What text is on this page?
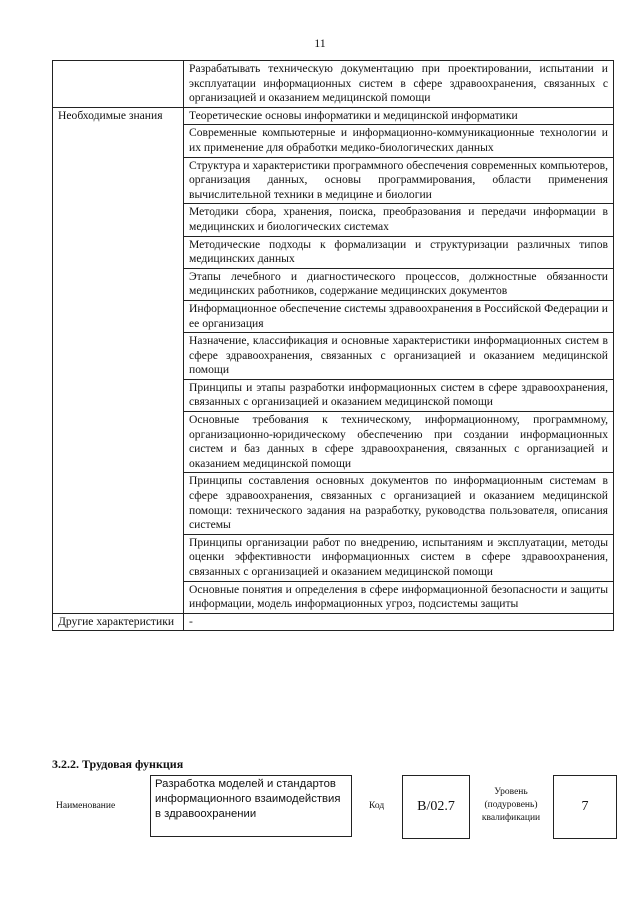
11
	Разрабатывать техническую документацию при проектировании, испытании и эксплуатации информационных систем в сфере здравоохранения, связанных с организацией и оказанием медицинской помощи
Необходимые знания	Теоретические основы информатики и медицинской информатики
	Современные компьютерные и информационно-коммуникационные технологии и их применение для обработки медико-биологических данных
	Структура и характеристики программного обеспечения современных компьютеров, организация данных, основы программирования, области применения вычислительной техники в медицине и биологии
	Методики сбора, хранения, поиска, преобразования и передачи информации в медицинских и биологических системах
	Методические подходы к формализации и структуризации различных типов медицинских данных
	Этапы лечебного и диагностического процессов, должностные обязанности медицинских работников, содержание медицинских документов
	Информационное обеспечение системы здравоохранения в Российской Федерации и ее организация
	Назначение, классификация и основные характеристики информационных систем в сфере здравоохранения, связанных с организацией и оказанием медицинской помощи
	Принципы и этапы разработки информационных систем в сфере здравоохранения, связанных с организацией и оказанием медицинской помощи
	Основные требования к техническому, информационному, программному, организационно-юридическому обеспечению при создании информационных систем и баз данных в сфере здравоохранения, связанных с организацией и оказанием медицинской помощи
	Принципы составления основных документов по информационным системам в сфере здравоохранения, связанных с организацией и оказанием медицинской помощи: технического задания на разработку, руководства пользователя, описания системы
	Принципы организации работ по внедрению, испытаниям и эксплуатации, методы оценки эффективности информационных систем в сфере здравоохранения, связанных с организацией и оказанием медицинской помощи
	Основные понятия и определения в сфере информационной безопасности и защиты информации, модель информационных угроз, подсистемы защиты
Другие характеристики	-
3.2.2. Трудовая функция
Наименование
Разработка моделей и стандартов информационного взаимодействия в здравоохранении
Код	B/02.7
Уровень (подуровень) квалификации
7
